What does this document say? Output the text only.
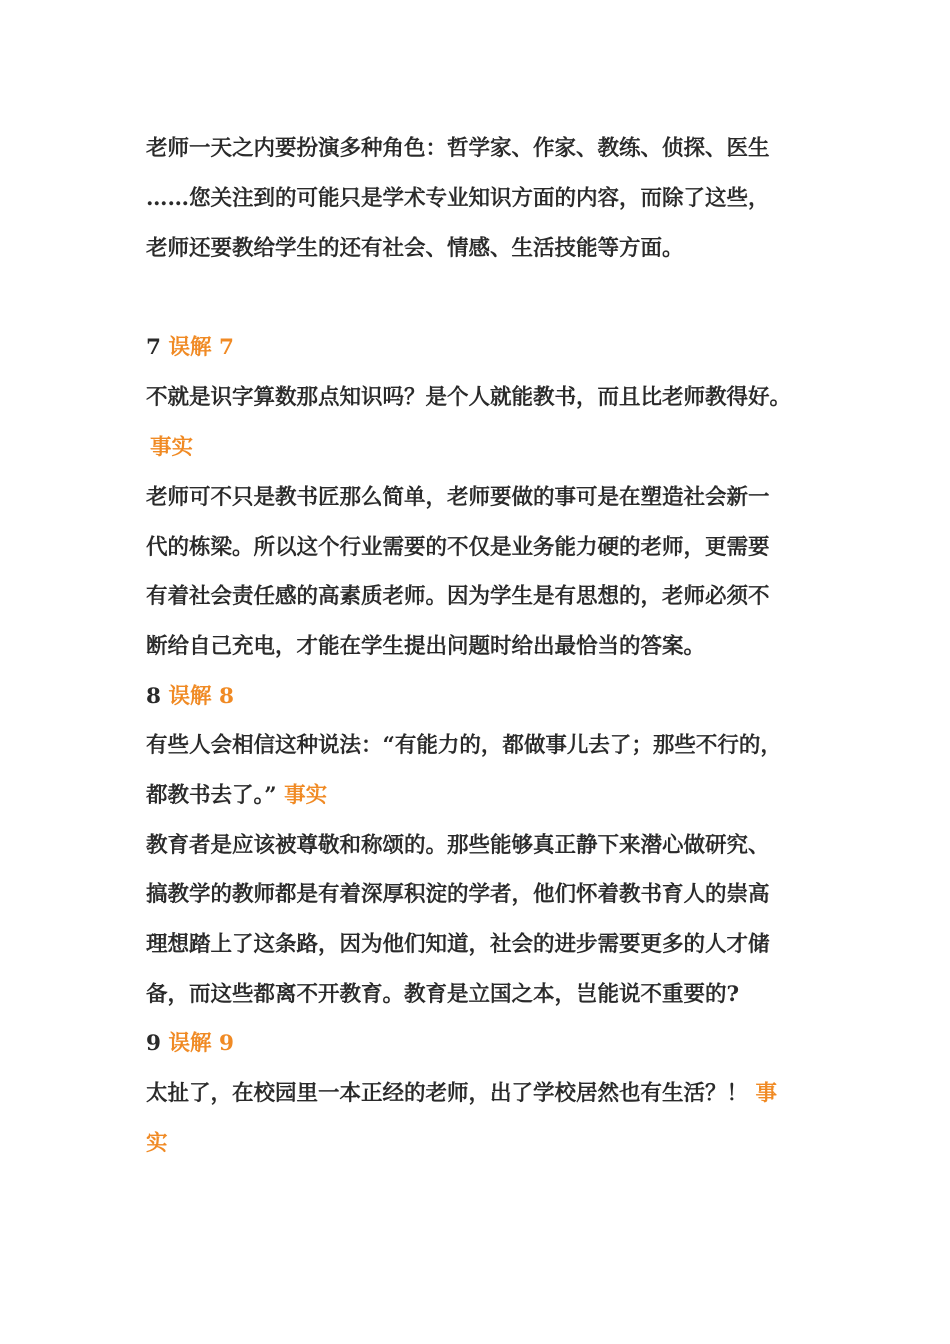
老师一天之内要扮演多种角色：哲学家、作家、教练、侦探、医生
……您关注到的可能只是学术专业知识方面的内容，而除了这些，
老师还要教给学生的还有社会、情感、生活技能等方面。
7 误解 7
不就是识字算数那点知识吗？是个人就能教书，而且比老师教得好。
事实
老师可不只是教书匠那么简单，老师要做的事可是在塑造社会新一
代的栋梁。所以这个行业需要的不仅是业务能力硬的老师，更需要
有着社会责任感的高素质老师。因为学生是有思想的，老师必须不
断给自己充电，才能在学生提出问题时给出最恰当的答案。
8 误解 8
有些人会相信这种说法：“有能力的，都做事儿去了；那些不行的，
都教书去了。” 事实
教育者是应该被尊敬和称颂的。那些能够真正静下来潜心做研究、
搞教学的教师都是有着深厚积淀的学者，他们怀着教书育人的崇高
理想踏上了这条路，因为他们知道，社会的进步需要更多的人才储
备，而这些都离不开教育。教育是立国之本，岂能说不重要的?
9 误解 9
太扯了，在校园里一本正经的老师，出了学校居然也有生活？！ 事
实
